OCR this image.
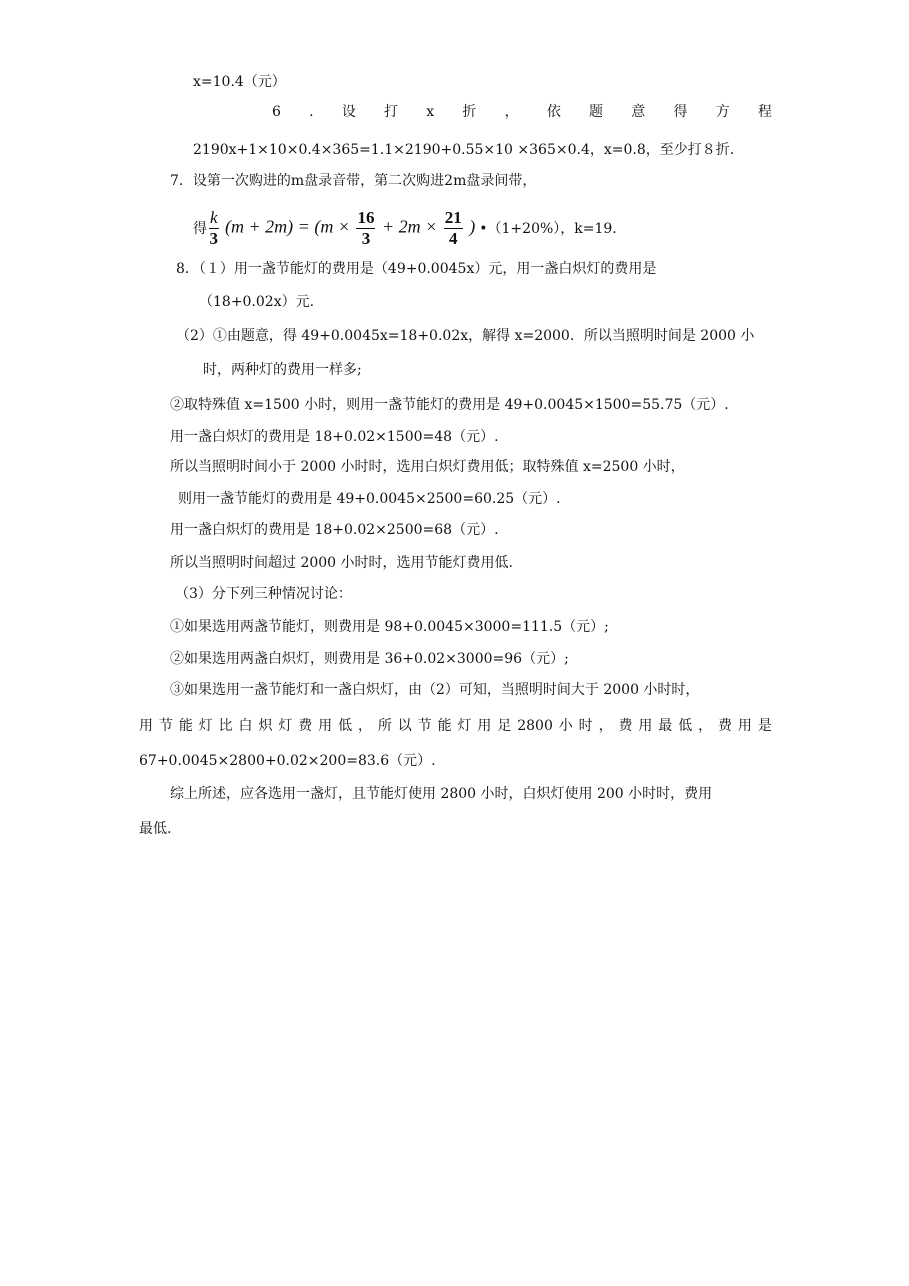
x=10.4（元）
6 . 设 打 x 折 ， 依 题 意 得 方 程
2190x+1×10×0.4×365=1.1×2190+0.55×10 ×365×0.4，x=0.8，至少打８折.
7．设第一次购进的m盘录音带，第二次购进2m盘录间带，
得 $\frac{k}{3} (m + 2m) = (m \times \frac{16}{3} + 2m \times \frac{21}{4}$ ) •（1+20%），k=19.
8．（１）用一盏节能灯的费用是（49+0.0045x）元，用一盏白炽灯的费用是
（18+0.02x）元.
（2）①由题意，得 49+0.0045x=18+0.02x，解得 x=2000．所以当照明时间是 2000 小
时，两种灯的费用一样多;
②取特殊值 x=1500 小时，则用一盏节能灯的费用是 49+0.0045×1500=55.75（元）.
用一盏白炽灯的费用是 18+0.02×1500=48（元）.
所以当照明时间小于 2000 小时时，选用白炽灯费用低；取特殊值 x=2500 小时，
则用一盏节能灯的费用是 49+0.0045×2500=60.25（元）.
用一盏白炽灯的费用是 18+0.02×2500=68（元）.
所以当照明时间超过 2000 小时时，选用节能灯费用低.
（3）分下列三种情况讨论：
①如果选用两盏节能灯，则费用是 98+0.0045×3000=111.5（元）;
②如果选用两盏白炽灯，则费用是 36+0.02×3000=96（元）;
③如果选用一盏节能灯和一盏白炽灯，由（2）可知，当照明时间大于 2000 小时时，
用 节 能 灯 比 白 炽 灯 费 用 低 ， 所 以 节 能 灯 用 足 2800 小 时 ， 费 用 最 低 ， 费 用 是
67+0.0045×2800+0.02×200=83.6（元）.
综上所述，应各选用一盏灯，且节能灯使用 2800 小时，白炽灯使用 200 小时时，费用
最低.
